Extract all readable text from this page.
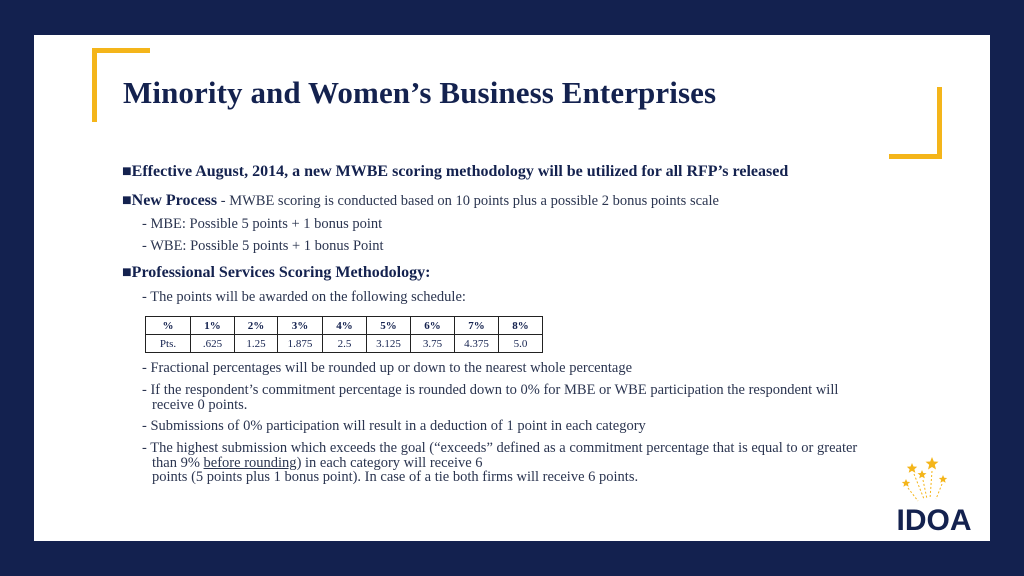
Minority and Women’s Business Enterprises
■Effective August, 2014, a new MWBE scoring methodology will be utilized for all RFP’s released
■New Process - MWBE scoring is conducted based on 10 points plus a possible 2 bonus points scale
- MBE: Possible 5 points + 1 bonus point
- WBE: Possible 5 points + 1 bonus Point
■Professional Services Scoring Methodology:
- The points will be awarded on the following schedule:
%	1%	2%	3%	4%	5%	6%	7%	8%
Pts.	.625	1.25	1.875	2.5	3.125	3.75	4.375	5.0
- Fractional percentages will be rounded up or down to the nearest whole percentage
- If the respondent’s commitment percentage is rounded down to 0% for MBE or WBE participation the respondent will
receive 0 points.
- Submissions of 0% participation will result in a deduction of 1 point in each category
- The highest submission which exceeds the goal (“exceeds” defined as a commitment percentage that is equal to or greater
than 9% before rounding) in each category will receive 6
points (5 points plus 1 bonus point). In case of a tie both firms will receive 6 points.
IDOA
